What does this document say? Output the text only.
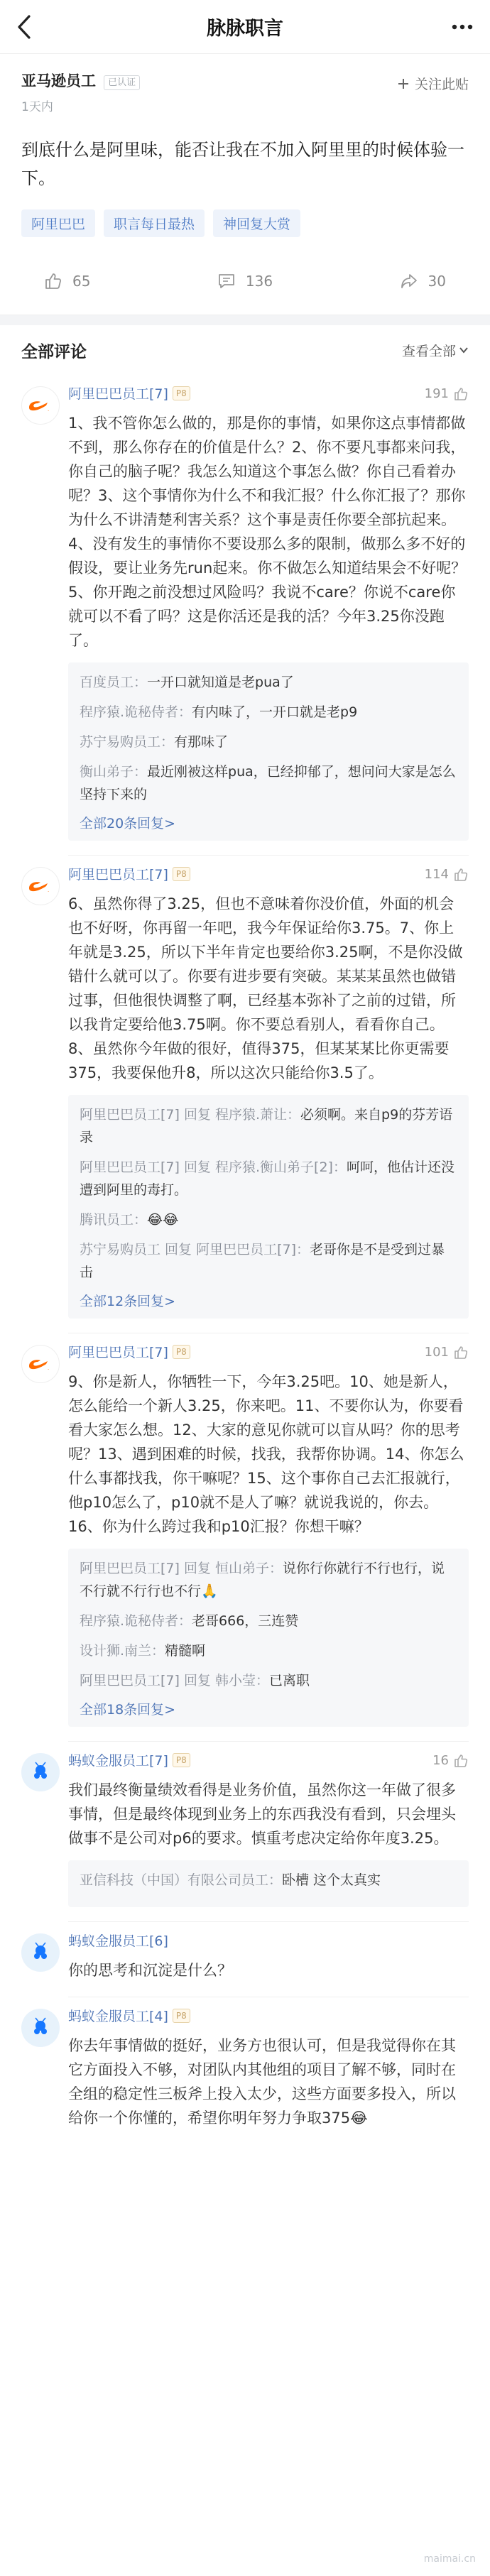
脉脉职言
亚马逊员工 已认证
1天内
关注此贴
到底什么是阿里味，能否让我在不加入阿里里的时候体验一下。
阿里巴巴	职言每日最热	神回复大赏
65	136	30
全部评论	查看全部
.
阿里巴巴员工[7] P8	191
1、我不管你怎么做的，那是你的事情，如果你这点事情都做不到，那么你存在的价值是什么？2、你不要凡事都来问我，你自己的脑子呢？我怎么知道这个事怎么做？你自己看着办呢？3、这个事情你为什么不和我汇报？什么你汇报了？那你为什么不讲清楚利害关系？这个事是责任你要全部抗起来。4、没有发生的事情你不要设那么多的限制，做那么多不好的假设，要让业务先run起来。你不做怎么知道结果会不好呢？5、你开跑之前没想过风险吗？我说不care？你说不care你就可以不看了吗？这是你活还是我的活？今年3.25你没跑了。
百度员工：一开口就知道是老pua了
程序猿.诡秘侍者：有内味了，一开口就是老p9
苏宁易购员工：有那味了
衡山弟子：最近刚被这样pua，已经抑郁了，想问问大家是怎么坚持下来的
全部20条回复>
.
阿里巴巴员工[7] P8	114
6、虽然你得了3.25，但也不意味着你没价值，外面的机会也不好呀，你再留一年吧，我今年保证给你3.75。7、你上年就是3.25，所以下半年肯定也要给你3.25啊，不是你没做错什么就可以了。你要有进步要有突破。某某某虽然也做错过事，但他很快调整了啊，已经基本弥补了之前的过错，所以我肯定要给他3.75啊。你不要总看别人，看看你自己。8、虽然你今年做的很好，值得375，但某某某比你更需要375，我要保他升8，所以这次只能给你3.5了。
阿里巴巴员工[7] 回复 程序猿.萧让：必须啊。来自p9的芬芳语录
阿里巴巴员工[7] 回复 程序猿.衡山弟子[2]：呵呵，他估计还没遭到阿里的毒打。
腾讯员工：😂😂
苏宁易购员工 回复 阿里巴巴员工[7]：老哥你是不是受到过暴击
全部12条回复>
.
阿里巴巴员工[7] P8	101
9、你是新人，你牺牲一下，今年3.25吧。10、她是新人，怎么能给一个新人3.25，你来吧。11、不要你认为，你要看看大家怎么想。12、大家的意见你就可以盲从吗？你的思考呢？13、遇到困难的时候，找我，我帮你协调。14、你怎么什么事都找我，你干嘛呢？15、这个事你自己去汇报就行，他p10怎么了，p10就不是人了嘛？就说我说的，你去。16、你为什么跨过我和p10汇报？你想干嘛？
阿里巴巴员工[7] 回复 恒山弟子：说你行你就行不行也行，说不行就不行行也不行🙏
程序猿.诡秘侍者：老哥666，三连赞
设计狮.南兰：精髓啊
阿里巴巴员工[7] 回复 韩小莹：已离职
全部18条回复>
蚂蚁金服员工[7] P8	16
我们最终衡量绩效看得是业务价值，虽然你这一年做了很多事情，但是最终体现到业务上的东西我没有看到，只会埋头做事不是公司对p6的要求。慎重考虑决定给你年度3.25。
亚信科技（中国）有限公司员工：卧槽 这个太真实
蚂蚁金服员工[6]
你的思考和沉淀是什么？
蚂蚁金服员工[4] P8
你去年事情做的挺好，业务方也很认可，但是我觉得你在其它方面投入不够，对团队内其他组的项目了解不够，同时在全组的稳定性三板斧上投入太少，这些方面要多投入，所以给你一个你懂的，希望你明年努力争取375😂
maimai.cn
